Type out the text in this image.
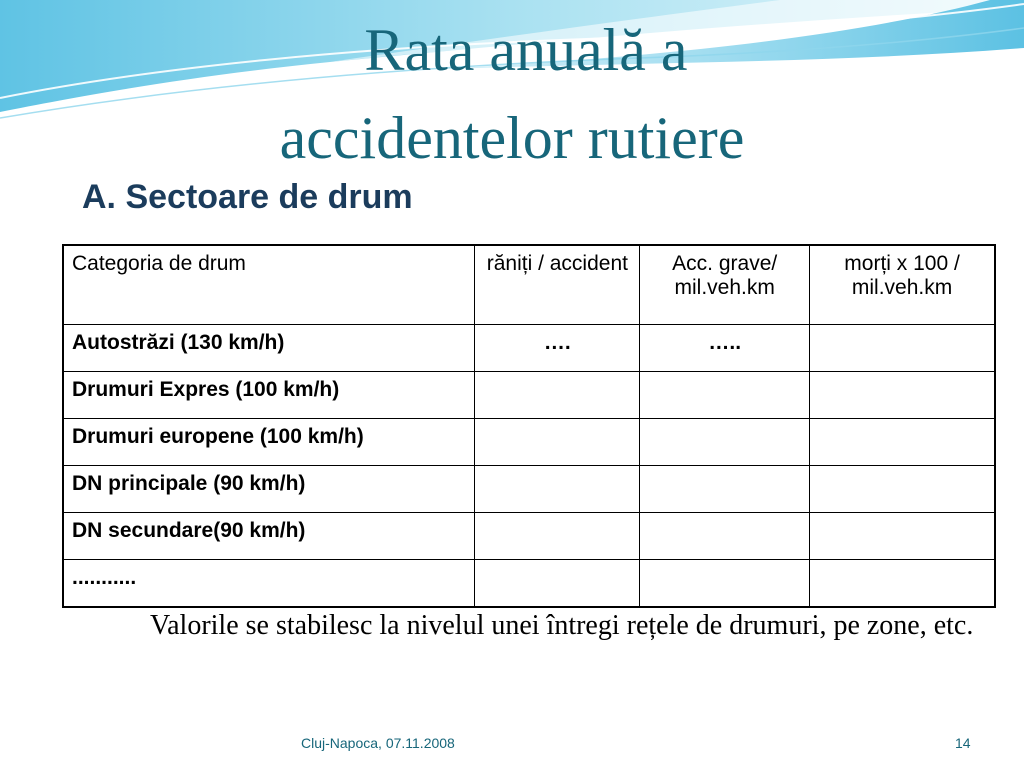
Rata anuală a
accidentelor rutiere
A. Sectoare de drum
Categoria de drum	răniți / accident	Acc. grave/ mil.veh.km	morți x 100 / mil.veh.km
Autostrăzi (130 km/h)	….	…..	
Drumuri Expres (100 km/h)			
Drumuri europene (100 km/h)			
DN principale (90 km/h)			
DN secundare(90 km/h)			
...........			
Valorile se stabilesc la nivelul unei întregi rețele de drumuri, pe zone, etc.
Cluj-Napoca, 07.11.2008	14
